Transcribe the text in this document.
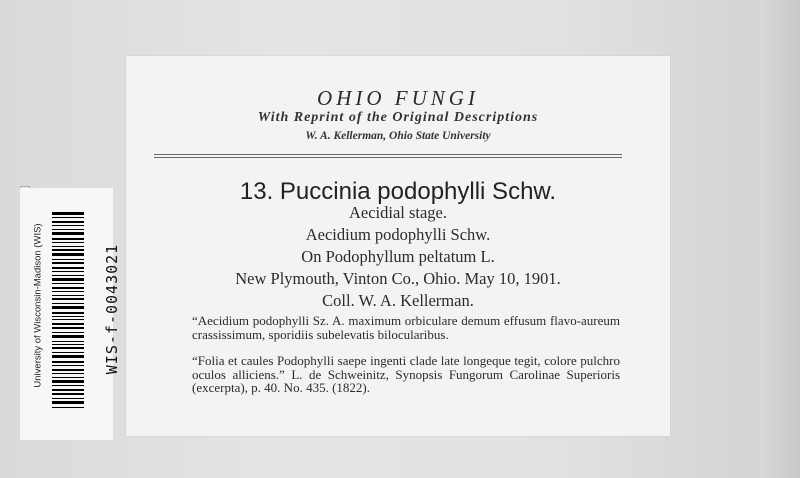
OHIO FUNGI
With Reprint of the Original Descriptions
W. A. Kellerman, Ohio State University
13. Puccinia podophylli Schw.
Aecidial stage.
Aecidium podophylli Schw.
On Podophyllum peltatum L.
New Plymouth, Vinton Co., Ohio. May 10, 1901.
Coll. W. A. Kellerman.
“Aecidium podophylli Sz. A. maximum orbiculare demum effusum flavo-aureum crassissimum, sporidiis subelevatis bilocularibus.
“Folia et caules Podophylli saepe ingenti clade late longeque tegit, colore pulchro oculos alliciens.” L. de Schweinitz, Synopsis Fungorum Carolinae Superioris (excerpta), p. 40. No. 435. (1822).
University of Wisconsin-Madison (WIS)	WIS-f-0043021
